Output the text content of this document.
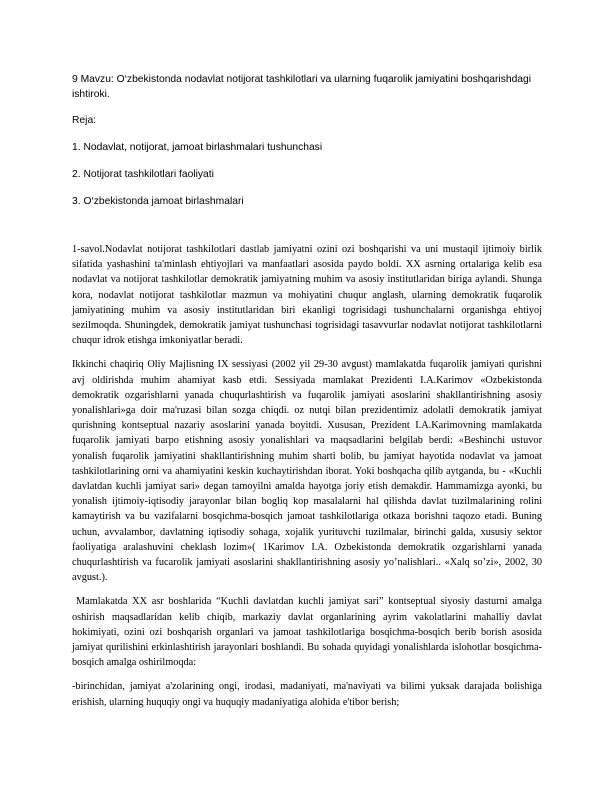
9 Mavzu: O‘zbekistonda nodavlat notijorat tashkilotlari va ularning fuqarolik jamiyatini boshqarishdagi ishtiroki.

Reja:

1. Nodavlat, notijorat, jamoat birlashmalari tushunchasi

2. Notijorat tashkilotlari faoliyati

3. O‘zbekistonda jamoat birlashmalari

1-savol.Nodavlat notijorat tashkilotlari dastlab jamiyatni ozini ozi boshqarishi va uni mustaqil ijtimoiy birlik sifatida yashashini ta'minlash ehtiyojlari va manfaatlari asosida paydo boldi. XX asrning ortalariga kelib esa nodavlat va notijorat tashkilotlar demokratik jamiyatning muhim va asosiy institutlaridan biriga aylandi. Shunga kora, nodavlat notijorat tashkilotlar mazmun va mohiyatini chuqur anglash, ularning demokratik fuqarolik jamiyatining muhim va asosiy institutlaridan biri ekanligi togrisidagi tushunchalarni organishga ehtiyoj sezilmoqda. Shuningdek, demokratik jamiyat tushunchasi togrisidagi tasavvurlar nodavlat notijorat tashkilotlarni chuqur idrok etishga imkoniyatlar beradi.

Ikkinchi chaqiriq Oliy Majlisning IX sessiyasi (2002 yil 29-30 avgust) mamlakatda fuqarolik jamiyati qurishni avj oldirishda muhim ahamiyat kasb etdi. Sessiyada mamlakat Prezidenti I.A.Karimov «Ozbekistonda demokratik ozgarishlarni yanada chuqurlashtirish va fuqarolik jamiyati asoslarini shakllantirishning asosiy yonalishlari»ga doir ma'ruzasi bilan sozga chiqdi. oz nutqi bilan prezidentimiz adolatli demokratik jamiyat qurishning kontseptual nazariy asoslarini yanada boyitdi. Xususan, Prezident I.A.Karimovning mamlakatda fuqarolik jamiyati barpo etishning asosiy yonalishlari va maqsadlarini belgilab berdi: «Beshinchi ustuvor yonalish fuqarolik jamiyatini shakllantirishning muhim sharti bolib, bu jamiyat hayotida nodavlat va jamoat tashkilotlarining orni va ahamiyatini keskin kuchaytirishdan iborat. Yoki boshqacha qilib aytganda, bu - «Kuchli davlatdan kuchli jamiyat sari» degan tamoyilni amalda hayotga joriy etish demakdir. Hammamizga ayonki, bu yonalish ijtimoiy-iqtisodiy jarayonlar bilan bogliq kop masalalarni hal qilishda davlat tuzilmalarining rolini kamaytirish va bu vazifalarni bosqichma-bosqich jamoat tashkilotlariga otkaza borishni taqozo etadi. Buning uchun, avvalambor, davlatning iqtisodiy sohaga, xojalik yurituvchi tuzilmalar, birinchi galda, xususiy sektor faoliyatiga aralashuvini cheklash lozim»( 1Karimov I.A. Ozbekistonda demokratik ozgarishlarni yanada chuqurlashtirish va fucarolik jamiyati asoslarini shakllantirishning asosiy yo’nalishlari.. «Xalq so’zi», 2002, 30 avgust.).

Mamlakatda XX asr boshlarida “Kuchli davlatdan kuchli jamiyat sari” kontseptual siyosiy dasturni amalga oshirish maqsadlaridan kelib chiqib, markaziy davlat organlarining ayrim vakolatlarini mahalliy davlat hokimiyati, ozini ozi boshqarish organlari va jamoat tashkilotlariga bosqichma-bosqich berib borish asosida jamiyat qurilishini erkinlashtirish jarayonlari boshlandi. Bu sohada quyidagi yonalishlarda islohotlar bosqichma-bosqich amalga oshirilmoqda:

-birinchidan, jamiyat a'zolarining ongi, irodasi, madaniyati, ma'naviyati va bilimi yuksak darajada bolishiga erishish, ularning huquqiy ongi va huquqiy madaniyatiga alohida e'tibor berish;
